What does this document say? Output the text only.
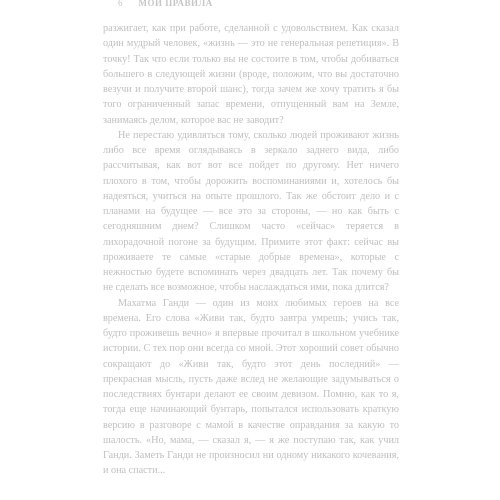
6 МОИ ПРАВИЛА

разжигает, как при работе, сделанной с удовольствием. Как сказал один мудрый человек, «жизнь — это не генеральная репетиция». В точку! Так что если только вы не состоите в том, чтобы добиваться большего в следующей жизни (вроде, положим, что вы достаточно везучи и получите второй шанс), тогда зачем же хочу тратить я бы того ограниченный запас времени, отпущенный вам на Земле, занимаясь делом, которое вас не заводит?

Не перестаю удивляться тому, сколько людей проживают жизнь либо все время оглядываясь в зеркало заднего вида, либо рассчитывая, как вот вот все пойдет по другому. Нет ничего плохого в том, чтобы дорожить воспоминаниями и, хотелось бы надеяться, учиться на опыте прошлого. Так же обстоит дело и с планами на будущее — все это за стороны, — но как быть с сегодняшним днем? Слишком часто «сейчас» теряется в лихорадочной погоне за будущим. Примите этот факт: сейчас вы проживаете те самые «старые добрые времена», которые с нежностью будете вспоминать через двадцать лет. Так почему бы не сделать все возможное, чтобы наслаждаться ими, пока длится?

Махатма Ганди — один из моих любимых героев на все времена. Его слова «Живи так, будто завтра умрешь; учись так, будто проживешь вечно» я впервые прочитал в школьном учебнике истории. С тех пор они всегда со мной. Этот хороший совет обычно сокращают до «Живи так, будто этот день последний» — прекрасная мысль, пусть даже вслед не желающие задумываться о последствиях бунтари делают ее своим девизом. Помню, как то я, тогда еще начинающий бунтарь, попытался использовать краткую версию в разговоре с мамой в качестве оправдания за какую то шалость. «Но, мама, — сказал я, — я же поступаю так, как учил Ганди. Заметь Ганди не произносил ни одному никакого кочевания, и она спасти...
